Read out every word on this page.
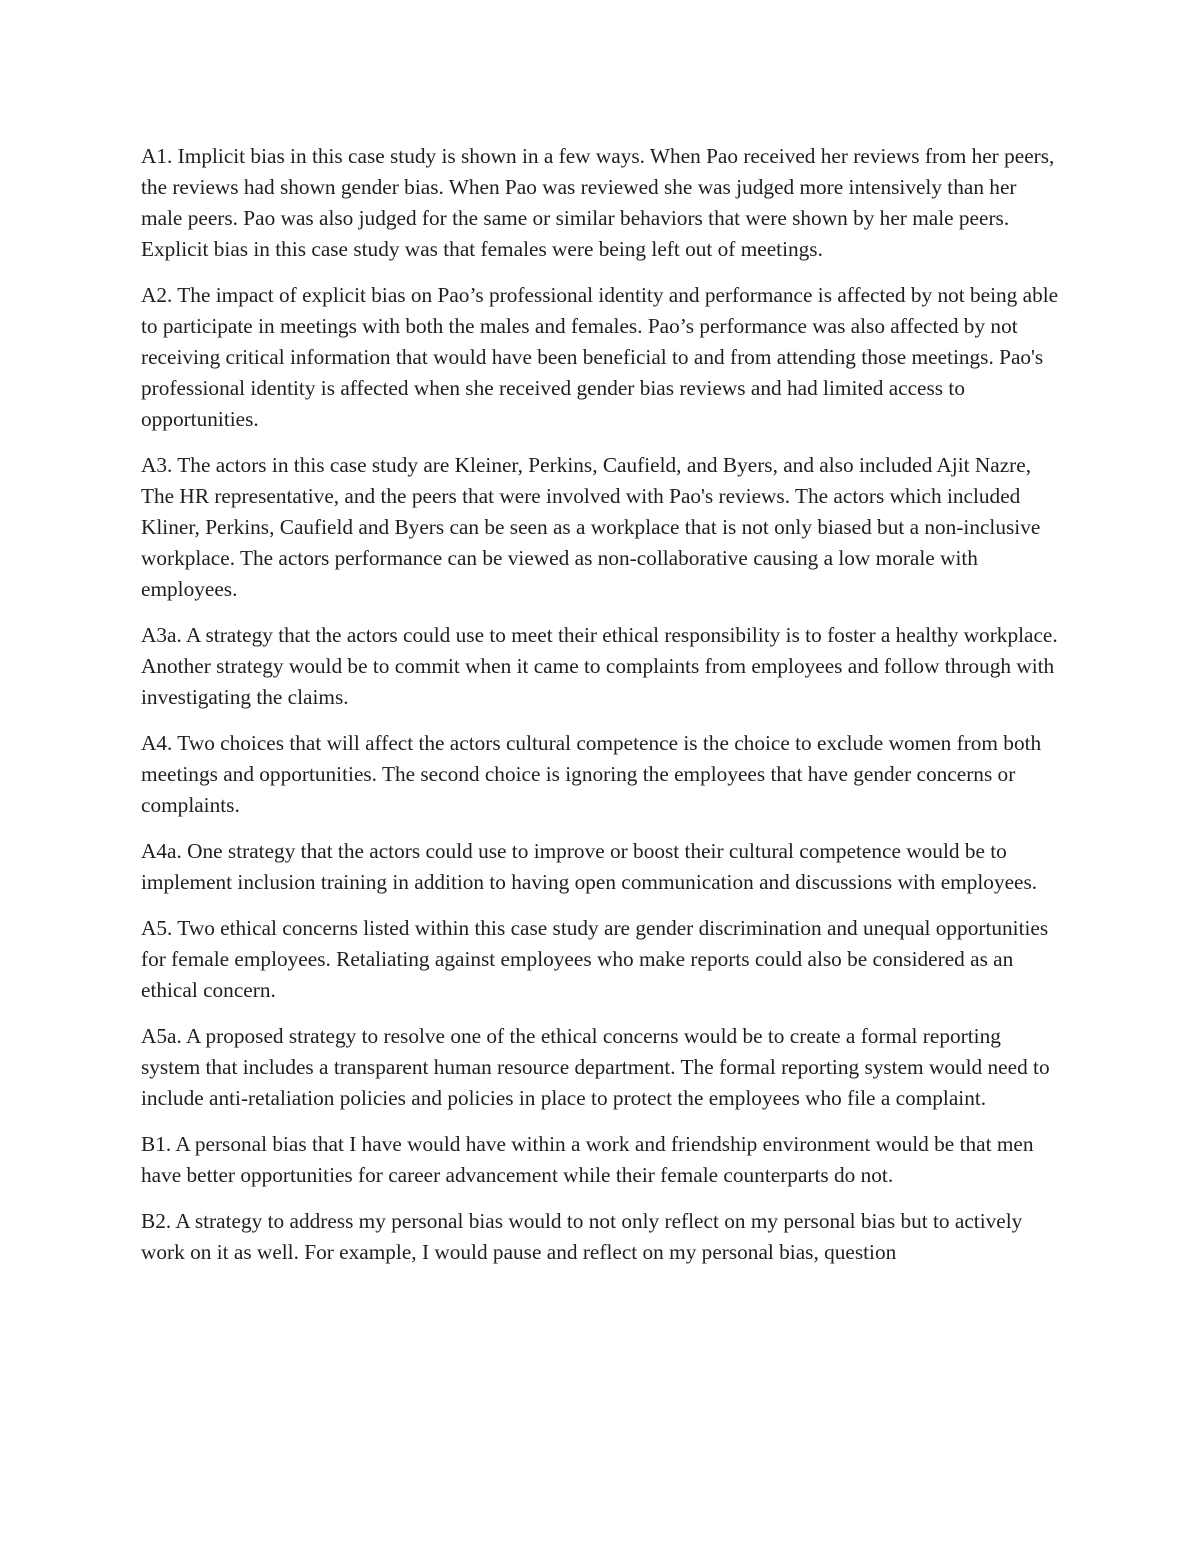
A1. Implicit bias in this case study is shown in a few ways. When Pao received her reviews from her peers, the reviews had shown gender bias. When Pao was reviewed she was judged more intensively than her male peers. Pao was also judged for the same or similar behaviors that were shown by her male peers. Explicit bias in this case study was that females were being left out of meetings.

A2. The impact of explicit bias on Pao’s professional identity and performance is affected by not being able to participate in meetings with both the males and females. Pao’s performance was also affected by not receiving critical information that would have been beneficial to and from attending those meetings. Pao's professional identity is affected when she received gender bias reviews and had limited access to opportunities.

A3. The actors in this case study are Kleiner, Perkins, Caufield, and Byers, and also included Ajit Nazre, The HR representative, and the peers that were involved with Pao's reviews. The actors which included Kliner, Perkins, Caufield and Byers can be seen as a workplace that is not only biased but a non-inclusive workplace. The actors performance can be viewed as non-collaborative causing a low morale with employees.

A3a. A strategy that the actors could use to meet their ethical responsibility is to foster a healthy workplace. Another strategy would be to commit when it came to complaints from employees and follow through with investigating the claims.

A4. Two choices that will affect the actors cultural competence is the choice to exclude women from both meetings and opportunities. The second choice is ignoring the employees that have gender concerns or complaints.

A4a. One strategy that the actors could use to improve or boost their cultural competence would be to implement inclusion training in addition to having open communication and discussions with employees.

A5. Two ethical concerns listed within this case study are gender discrimination and unequal opportunities for female employees. Retaliating against employees who make reports could also be considered as an ethical concern.

A5a. A proposed strategy to resolve one of the ethical concerns would be to create a formal reporting system that includes a transparent human resource department. The formal reporting system would need to include anti-retaliation policies and policies in place to protect the employees who file a complaint.

B1. A personal bias that I have would have within a work and friendship environment would be that men have better opportunities for career advancement while their female counterparts do not.

B2. A strategy to address my personal bias would to not only reflect on my personal bias but to actively work on it as well. For example, I would pause and reflect on my personal bias, question
